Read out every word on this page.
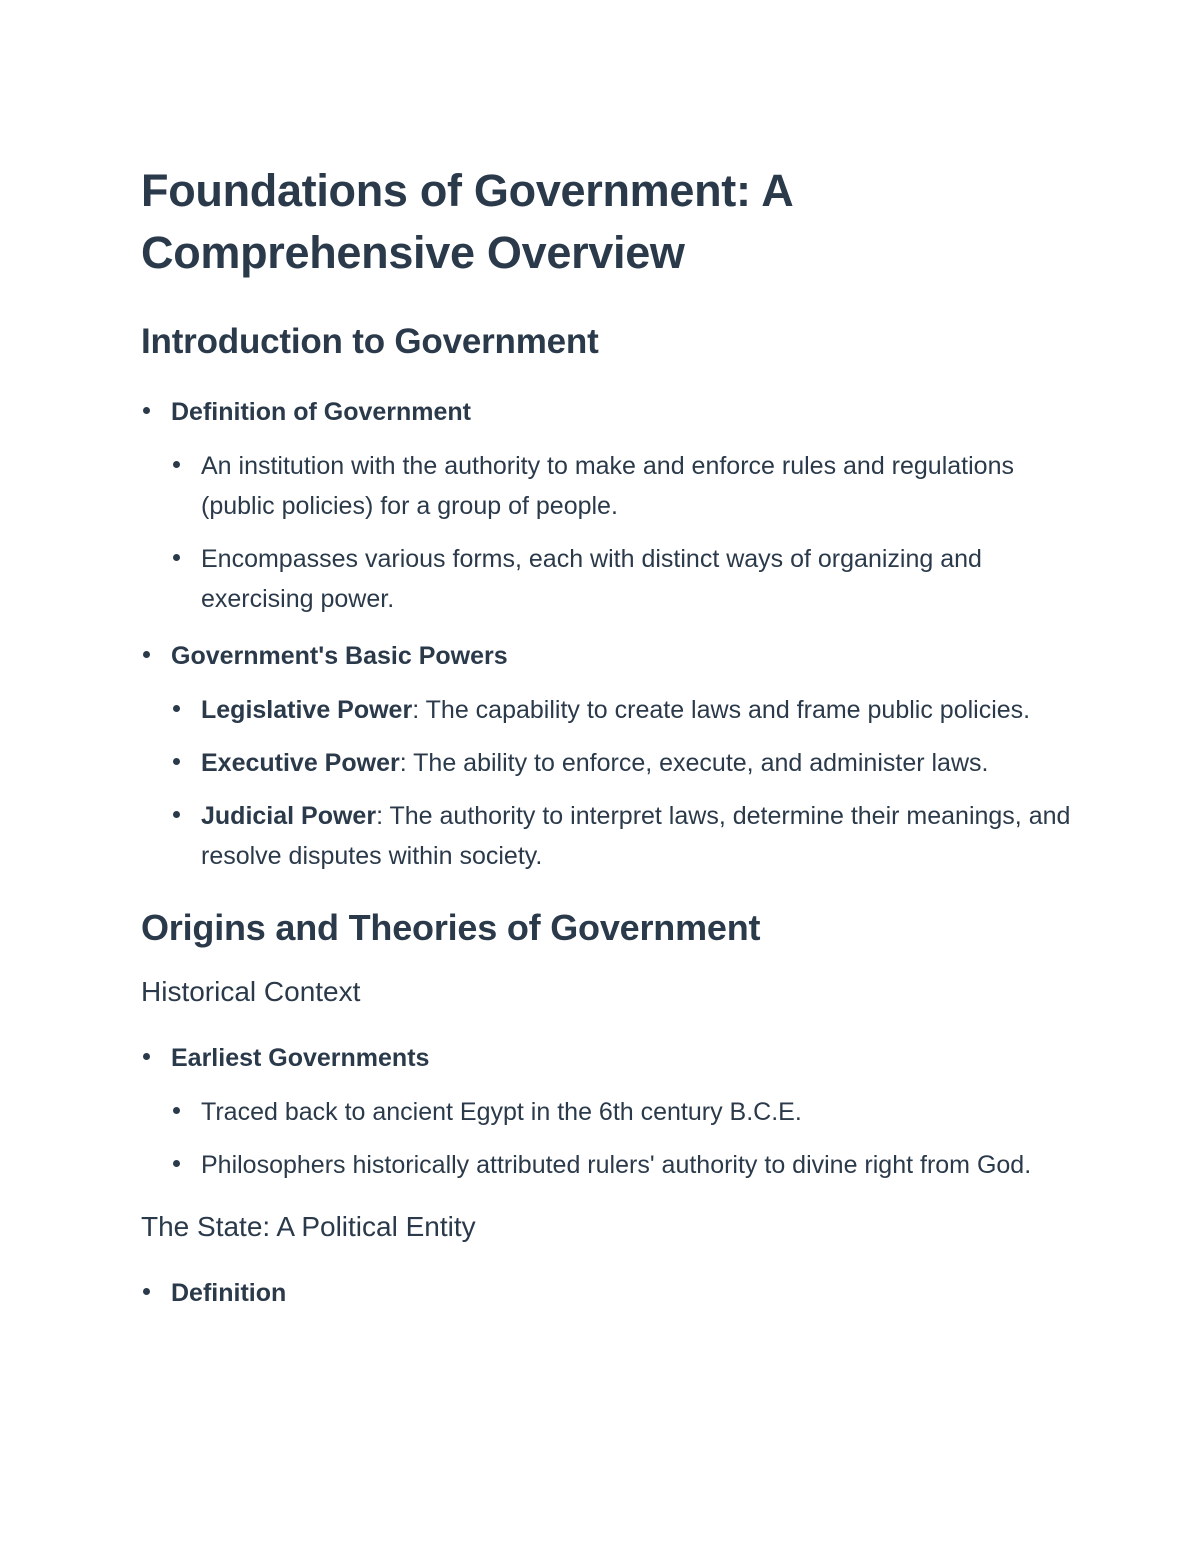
Foundations of Government: A Comprehensive Overview
Introduction to Government
Definition of Government
An institution with the authority to make and enforce rules and regulations (public policies) for a group of people.
Encompasses various forms, each with distinct ways of organizing and exercising power.
Government's Basic Powers
Legislative Power: The capability to create laws and frame public policies.
Executive Power: The ability to enforce, execute, and administer laws.
Judicial Power: The authority to interpret laws, determine their meanings, and resolve disputes within society.
Origins and Theories of Government
Historical Context
Earliest Governments
Traced back to ancient Egypt in the 6th century B.C.E.
Philosophers historically attributed rulers' authority to divine right from God.
The State: A Political Entity
Definition
